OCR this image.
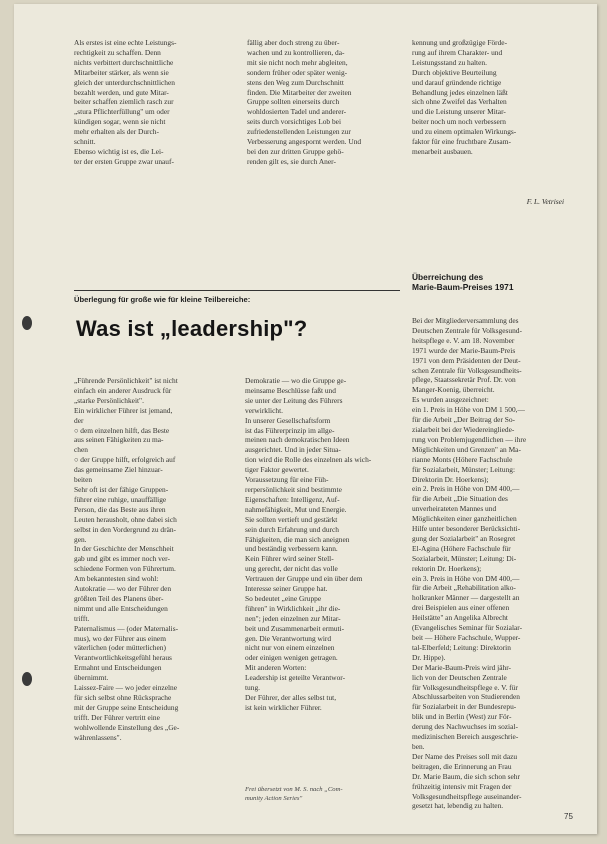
Als erstes ist eine echte Leistungs-
rechtigkeit zu schaffen. Denn
nichts verbittert durchschnittliche
Mitarbeiter stärker, als wenn sie
gleich der unterdurchschnittlichen
bezahlt werden, und gute Mitar-
beiter schaffen ziemlich rasch zur
„stura Pflichterfüllung" um oder
kündigen sogar, wenn sie nicht
mehr erhalten als der Durch-
schnitt.
Ebenso wichtig ist es, die Lei-
ter der ersten Gruppe zwar unauf-
fällig aber doch streng zu über-
wachen und zu kontrollieren, da-
mit sie nicht noch mehr abgleiten,
sondern früher oder später wenig-
stens den Weg zum Durchschnitt
finden. Die Mitarbeiter der zweiten
Gruppe sollten einerseits durch
wohldosierten Tadel und anderer-
seits durch vorsichtiges Lob bei
zufriedenstellenden Leistungen zur
Verbesserung angespornt werden. Und
bei den zur dritten Gruppe gehö-
renden gilt es, sie durch Aner-
kennung und großzügige Förde-
rung auf ihrem Charakter- und
Leistungsstand zu halten.
Durch objektive Beurteilung
und darauf gründende richtige
Behandlung jedes einzelnen läßt
sich ohne Zweifel das Verhalten
und die Leistung unserer Mitar-
beiter noch um noch verbessern
und zu einem optimalen Wirkungs-
faktor für eine fruchtbare Zusam-
menarbeit ausbauen.
F. L. Vetrisei
Überlegung für große wie für kleine Teilbereiche:
Was ist „leadership"?
Überreichung des
Marie-Baum-Preises 1971
„Führende Persönlichkeit" ist nicht
einfach ein anderer Ausdruck für
„starke Persönlichkeit".
Ein wirklicher Führer ist jemand,
der
○ dem einzelnen hilft, das Beste
aus seinen Fähigkeiten zu ma-
chen
○ der Gruppe hilft, erfolgreich auf
das gemeinsame Ziel hinzuar-
beiten
Sehr oft ist der fähige Gruppen-
führer eine ruhige, unauffällige
Person, die das Beste aus ihren
Leuten herausholt, ohne dabei sich
selbst in den Vordergrund zu drän-
gen.
In der Geschichte der Menschheit
gab und gibt es immer noch ver-
schiedene Formen von Führertum.
Am bekanntesten sind wohl:
Autokratie — wo der Führer den
größten Teil des Planens über-
nimmt und alle Entscheidungen
trifft.
Paternalismus — (oder Maternalis-
mus), wo der Führer aus einem
väterlichen (oder mütterlichen)
Verantwortlichkeitsgefühl heraus
Ermahnt und Entscheidungen
übernimmt.
Laissez-Faire — wo jeder einzelne
für sich selbst ohne Rücksprache
mit der Gruppe seine Entscheidung
trifft. Der Führer vertritt eine
wohlwollende Einstellung des „Ge-
währenlassens".
Demokratie — wo die Gruppe ge-
meinsame Beschlüsse faßt und
sie unter der Leitung des Führers
verwirklicht.
In unserer Gesellschaftsform
ist das Führerprinzip im allge-
meinen nach demokratischen Ideen
ausgerichtet. Und in jeder Situa-
tion wird die Rolle des einzelnen als wich-
tiger Faktor gewertet.
Voraussetzung für eine Füh-
rerpersönlichkeit sind bestimmte
Eigenschaften: Intelligenz, Auf-
nahmefähigkeit, Mut und Energie.
Sie sollten vertieft und gestärkt
sein durch Erfahrung und durch
Fähigkeiten, die man sich aneignen
und beständig verbessern kann.
Kein Führer wird seiner Stell-
ung gerecht, der nicht das volle
Vertrauen der Gruppe und ein über dem
Interesse seiner Gruppe hat.
So bedeutet „eine Gruppe
führen" in Wirklichkeit „ihr die-
nen"; jeden einzelnen zur Mitar-
beit und Zusammenarbeit ermuti-
gen. Die Verantwortung wird
nicht nur von einem einzelnen
oder einigen wenigen getragen.
Mit anderen Worten:
Leadership ist geteilte Verantwor-
tung.
Der Führer, der alles selbst tut,
ist kein wirklicher Führer.
Frei übersetzt von M. S. nach „Com-
munity Action Series"
Bei der Mitgliederversammlung des
Deutschen Zentrale für Volksgesund-
heitspflege e. V. am 18. November
1971 wurde der Marie-Baum-Preis
1971 von dem Präsidenten der Deut-
schen Zentrale für Volksgesundheits-
pflege, Staatssekretär Prof. Dr. von
Manger-Koenig, überreicht.
Es wurden ausgezeichnet:
ein 1. Preis in Höhe von DM 1 500,—
für die Arbeit „Der Beitrag der So-
zialarbeit bei der Wiedereingliede-
rung von Problemjugendlichen — ihre
Möglichkeiten und Grenzen" an Ma-
rianne Monts (Höhere Fachschule
für Sozialarbeit, Münster; Leitung:
Direktorin Dr. Hoerkens);
ein 2. Preis in Höhe von DM 400,—
für die Arbeit „Die Situation des
unverheirateten Mannes und
Möglichkeiten einer ganzheitlichen
Hilfe unter besonderer Berücksichti-
gung der Sozialarbeit" an Rosegret
El-Agina (Höhere Fachschule für
Sozialarbeit, Münster; Leitung: Di-
rektorin Dr. Hoerkens);
ein 3. Preis in Höhe von DM 400,—
für die Arbeit „Rehabilitation alko-
holkranker Männer — dargestellt an
drei Beispielen aus einer offenen
Heilstätte" an Angelika Albrecht
(Evangelisches Seminar für Sozialar-
beit — Höhere Fachschule, Wupper-
tal-Elberfeld; Leitung: Direktorin
Dr. Hippe).
Der Marie-Baum-Preis wird jähr-
lich von der Deutschen Zentrale
für Volksgesundheitspflege e. V. für
Abschlussarbeiten von Studierenden
für Sozialarbeit in der Bundesrepu-
blik und in Berlin (West) zur För-
derung des Nachwuchses im sozial-
medizinischen Bereich ausgeschrie-
ben.
Der Name des Preises soll mit dazu
beitragen, die Erinnerung an Frau
Dr. Marie Baum, die sich schon sehr
frühzeitig intensiv mit Fragen der
Volksgesundheitspflege auseinander-
gesetzt hat, lebendig zu halten.
75
